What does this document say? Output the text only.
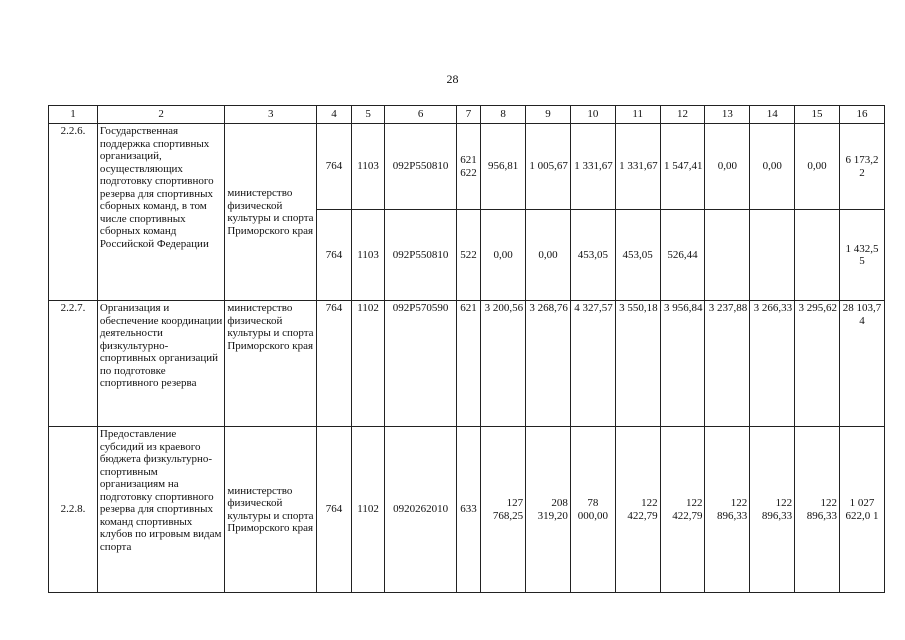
28
1	2	3	4	5	6	7	8	9	10	11	12	13	14	15	16
2.2.6.	Государственная поддержка спортивных организаций, осуществляющих подготовку спортивного резерва для спортивных сборных команд, в том числе спортивных сборных команд Российской Федерации	министерство физической культуры и спорта Приморского края	764	1103	092P550810	621 622	956,81	1 005,67	1 331,67	1 331,67	1 547,41	0,00	0,00	0,00	6 173,2 2
			764	1103	092P550810	522	0,00	0,00	453,05	453,05	526,44				1 432,5 5
2.2.7.	Организация и обеспечение координации деятельности физкультурно-спортивных организаций по подготовке спортивного резерва	министерство физической культуры и спорта Приморского края	764	1102	092P570590	621	3 200,56	3 268,76	4 327,57	3 550,18	3 956,84	3 237,88	3 266,33	3 295,62	28 103,7 4
2.2.8.	Предоставление субсидий из краевого бюджета физкультурно-спортивным организациям на подготовку спортивного резерва для спортивных команд спортивных клубов по игровым видам спорта	министерство физической культуры и спорта Приморского края	764	1102	0920262010	633	127 768,25	208 319,20	78 000,00	122 422,79	122 422,79	122 896,33	122 896,33	122 896,33	1 027 622,0 1
